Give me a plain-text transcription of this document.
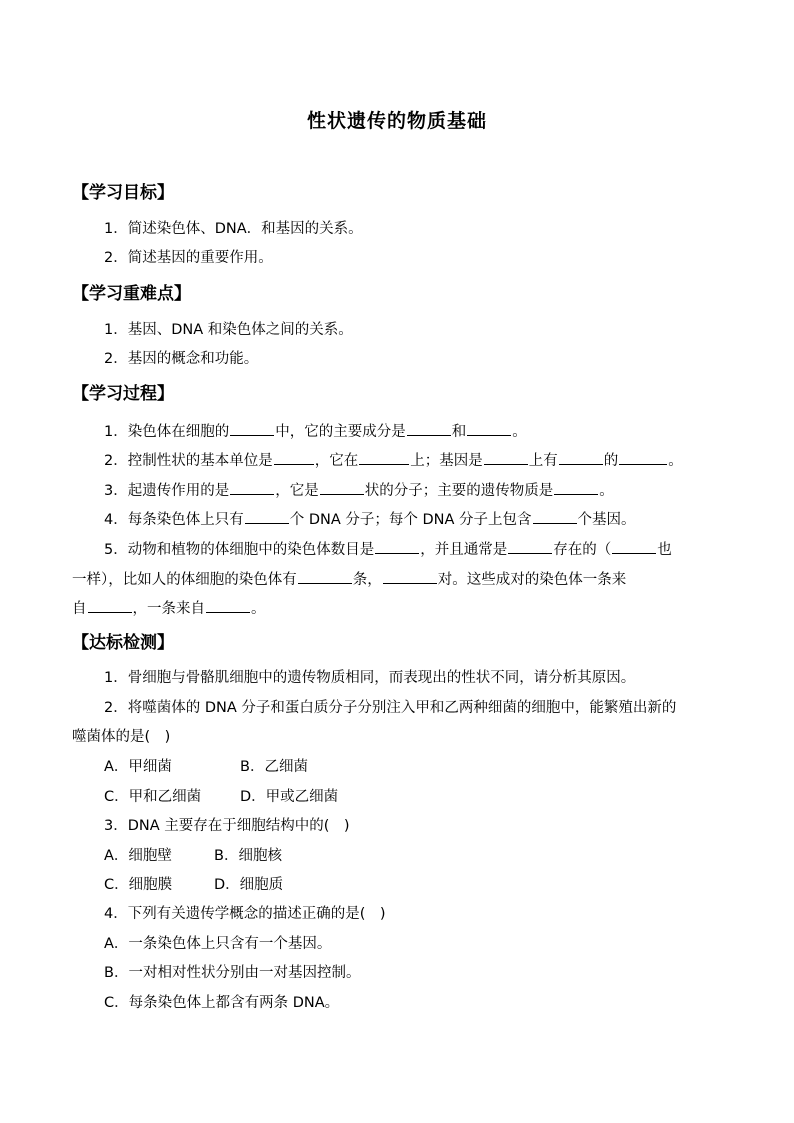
性状遗传的物质基础
【学习目标】
1．简述染色体、DNA．和基因的关系。
2．简述基因的重要作用。
【学习重难点】
1．基因、DNA 和染色体之间的关系。
2．基因的概念和功能。
【学习过程】
1．染色体在细胞的	中，它的主要成分是	和	。
2．控制性状的基本单位是	，它在	上；基因是	上有	的	。
3．起遗传作用的是	，它是	状的分子；主要的遗传物质是	。
4．每条染色体上只有	个 DNA 分子；每个 DNA 分子上包含	个基因。
5．动物和植物的体细胞中的染色体数目是	，并且通常是	存在的（	也
一样），比如人的体细胞的染色体有	条，	对。这些成对的染色体一条来
自	，一条来自	。
【达标检测】
1．骨细胞与骨骼肌细胞中的遗传物质相同，而表现出的性状不同，请分析其原因。
2．将噬菌体的 DNA 分子和蛋白质分子分别注入甲和乙两种细菌的细胞中，能繁殖出新的
噬菌体的是(　)
A．甲细菌	B．乙细菌
C．甲和乙细菌	D．甲或乙细菌
3．DNA 主要存在于细胞结构中的(　)
A．细胞壁	B．细胞核
C．细胞膜	D．细胞质
4．下列有关遗传学概念的描述正确的是(　)
A．一条染色体上只含有一个基因。
B．一对相对性状分别由一对基因控制。
C．每条染色体上都含有两条 DNA。
